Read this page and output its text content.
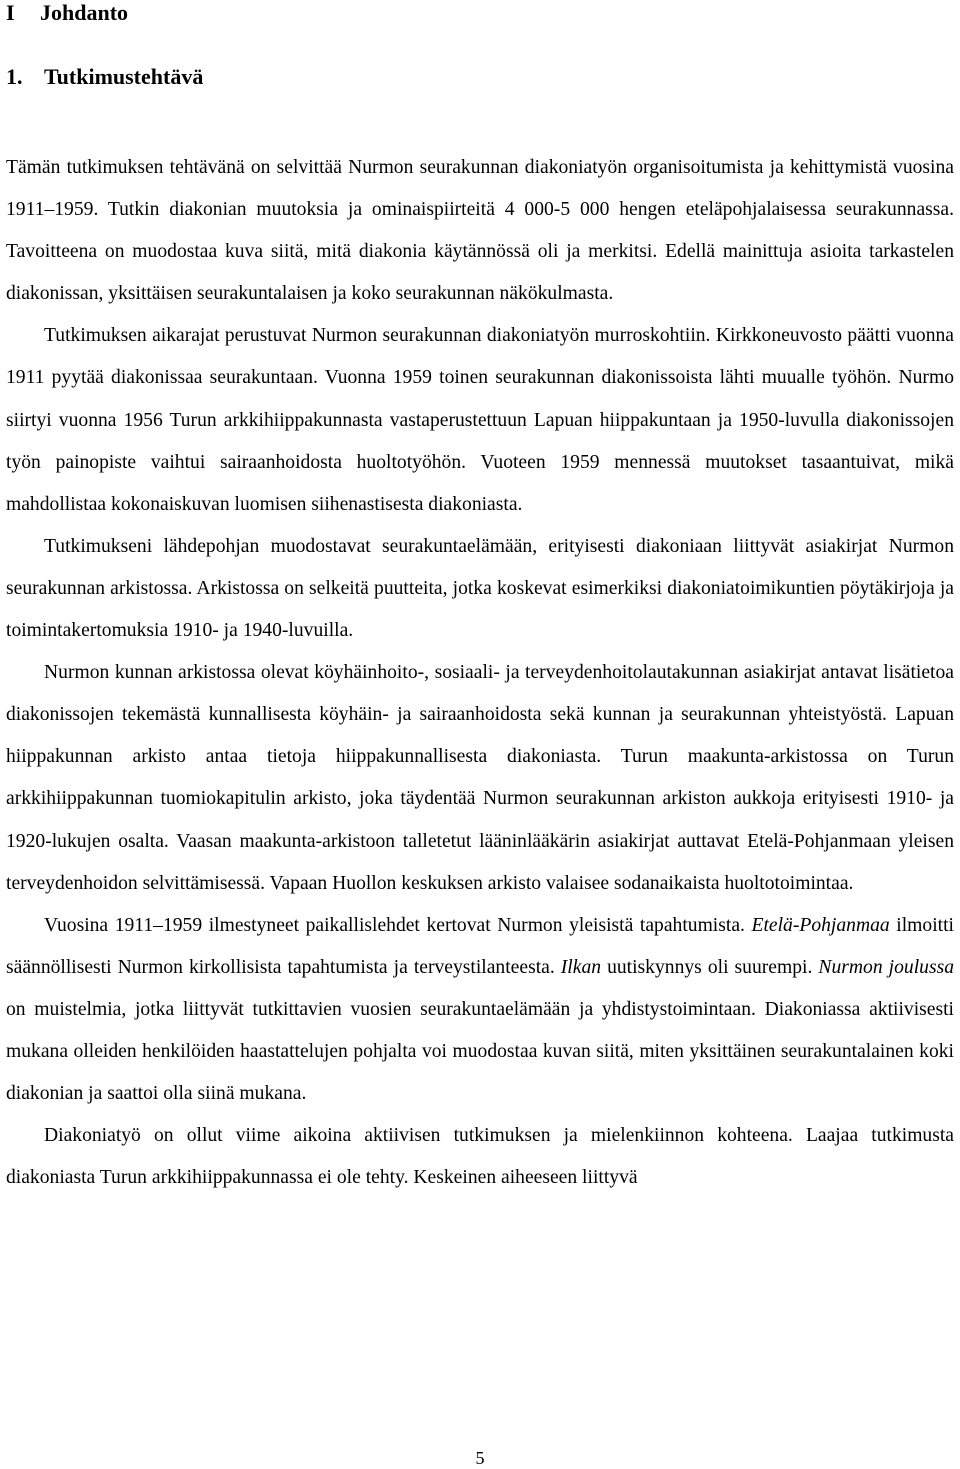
I Johdanto
1. Tutkimustehtävä

Tämän tutkimuksen tehtävänä on selvittää Nurmon seurakunnan diakoniatyön organisoitumista ja kehittymistä vuosina 1911–1959. Tutkin diakonian muutoksia ja ominaispiirteitä 4 000-5 000 hengen eteläpohjalaisessa seurakunnassa. Tavoitteena on muodostaa kuva siitä, mitä diakonia käytännössä oli ja merkitsi. Edellä mainittuja asioita tarkastelen diakonissan, yksittäisen seurakuntalaisen ja koko seurakunnan näkökulmasta.

Tutkimuksen aikarajat perustuvat Nurmon seurakunnan diakoniatyön murroskohtiin. Kirkkoneuvosto päätti vuonna 1911 pyytää diakonissaa seurakuntaan. Vuonna 1959 toinen seurakunnan diakonissoista lähti muualle työhön. Nurmo siirtyi vuonna 1956 Turun arkkihiippakunnasta vastaperustettuun Lapuan hiippakuntaan ja 1950-luvulla diakonissojen työn painopiste vaihtui sairaanhoidosta huoltotyöhön. Vuoteen 1959 mennessä muutokset tasaantuivat, mikä mahdollistaa kokonaiskuvan luomisen siihenastisesta diakoniasta.

Tutkimukseni lähdepohjan muodostavat seurakuntaelämään, erityisesti diakoniaan liittyvät asiakirjat Nurmon seurakunnan arkistossa. Arkistossa on selkeitä puutteita, jotka koskevat esimerkiksi diakoniatoimikuntien pöytäkirjoja ja toimintakertomuksia 1910- ja 1940-luvuilla.

Nurmon kunnan arkistossa olevat köyhäinhoito-, sosiaali- ja terveydenhoitolautakunnan asiakirjat antavat lisätietoa diakonissojen tekemästä kunnallisesta köyhäin- ja sairaanhoidosta sekä kunnan ja seurakunnan yhteistyöstä. Lapuan hiippakunnan arkisto antaa tietoja hiippakunnallisesta diakoniasta. Turun maakunta-arkistossa on Turun arkkihiippakunnan tuomiokapitulin arkisto, joka täydentää Nurmon seurakunnan arkiston aukkoja erityisesti 1910- ja 1920-lukujen osalta. Vaasan maakunta-arkistoon talletetut lääninlääkärin asiakirjat auttavat Etelä-Pohjanmaan yleisen terveydenhoidon selvittämisessä. Vapaan Huollon keskuksen arkisto valaisee sodanaikaista huoltotoimintaa.

Vuosina 1911–1959 ilmestyneet paikallislehdet kertovat Nurmon yleisistä tapahtumista. Etelä-Pohjanmaa ilmoitti säännöllisesti Nurmon kirkollisista tapahtumista ja terveystilanteesta. Ilkan uutiskynnys oli suurempi. Nurmon joulussa on muistelmia, jotka liittyvät tutkittavien vuosien seurakuntaelämään ja yhdistystoimintaan. Diakoniassa aktiivisesti mukana olleiden henkilöiden haastattelujen pohjalta voi muodostaa kuvan siitä, miten yksittäinen seurakuntalainen koki diakonian ja saattoi olla siinä mukana.

Diakoniatyö on ollut viime aikoina aktiivisen tutkimuksen ja mielenkiinnon kohteena. Laajaa tutkimusta diakoniasta Turun arkkihiippakunnassa ei ole tehty. Keskeinen aiheeseen liittyvä

5
